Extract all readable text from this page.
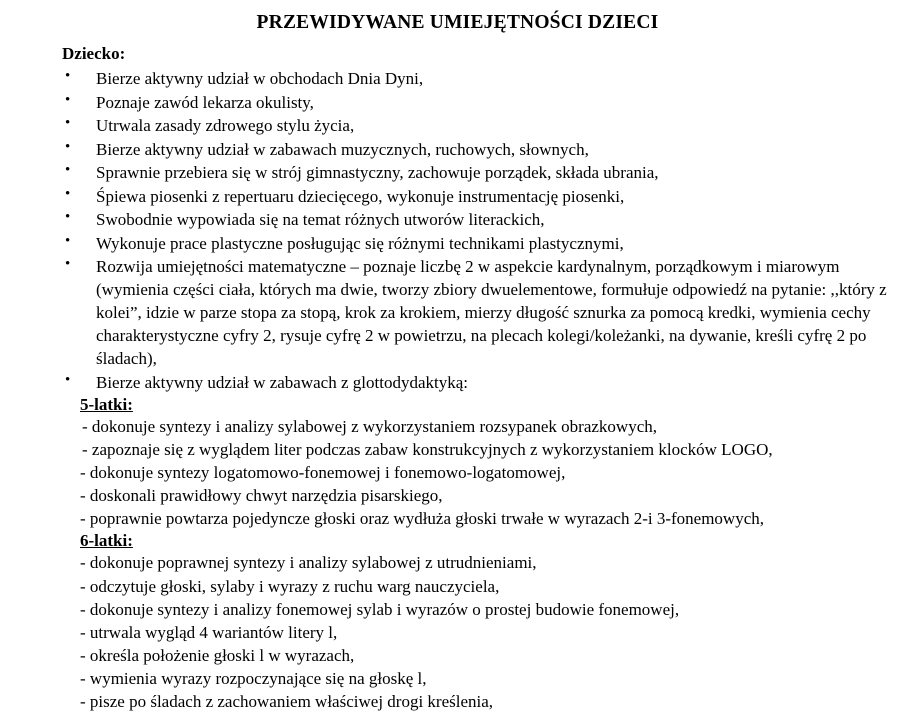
PRZEWIDYWANE UMIEJĘTNOŚCI DZIECI
Dziecko:
• Bierze aktywny udział w obchodach Dnia Dyni,
• Poznaje zawód lekarza okulisty,
• Utrwala zasady zdrowego stylu życia,
• Bierze aktywny udział w zabawach muzycznych, ruchowych, słownych,
• Sprawnie przebiera się w strój gimnastyczny, zachowuje porządek, składa ubrania,
• Śpiewa piosenki z repertuaru dziecięcego, wykonuje instrumentację piosenki,
• Swobodnie wypowiada się na temat różnych utworów literackich,
• Wykonuje prace plastyczne posługując się różnymi technikami plastycznymi,
• Rozwija umiejętności matematyczne – poznaje liczbę 2 w aspekcie kardynalnym, porządkowym i miarowym (wymienia części ciała, których ma dwie, tworzy zbiory dwuelementowe, formułuje odpowiedź na pytanie: ,,który z kolei”, idzie w parze stopa za stopą, krok za krokiem, mierzy długość sznurka za pomocą kredki, wymienia cechy charakterystyczne cyfry 2, rysuje cyfrę 2 w powietrzu, na plecach kolegi/koleżanki, na dywanie, kreśli cyfrę 2 po śladach),
• Bierze aktywny udział w zabawach z glottodydaktyką:
5-latki:
- dokonuje syntezy i analizy sylabowej z wykorzystaniem rozsypanek obrazkowych,
- zapoznaje się z wyglądem liter podczas zabaw konstrukcyjnych z wykorzystaniem klocków LOGO,
- dokonuje syntezy logatomowo-fonemowej i fonemowo-logatomowej,
- doskonali prawidłowy chwyt narzędzia pisarskiego,
- poprawnie powtarza pojedyncze głoski oraz wydłuża głoski trwałe w wyrazach 2-i 3-fonemowych,
6-latki:
- dokonuje poprawnej syntezy i analizy sylabowej z utrudnieniami,
- odczytuje głoski, sylaby i wyrazy z ruchu warg nauczyciela,
- dokonuje syntezy i analizy fonemowej sylab i wyrazów o prostej budowie fonemowej,
- utrwala wygląd 4 wariantów litery l,
- określa położenie głoski l w wyrazach,
- wymienia wyrazy rozpoczynające się na głoskę l,
- pisze po śladach z zachowaniem właściwej drogi kreślenia,
